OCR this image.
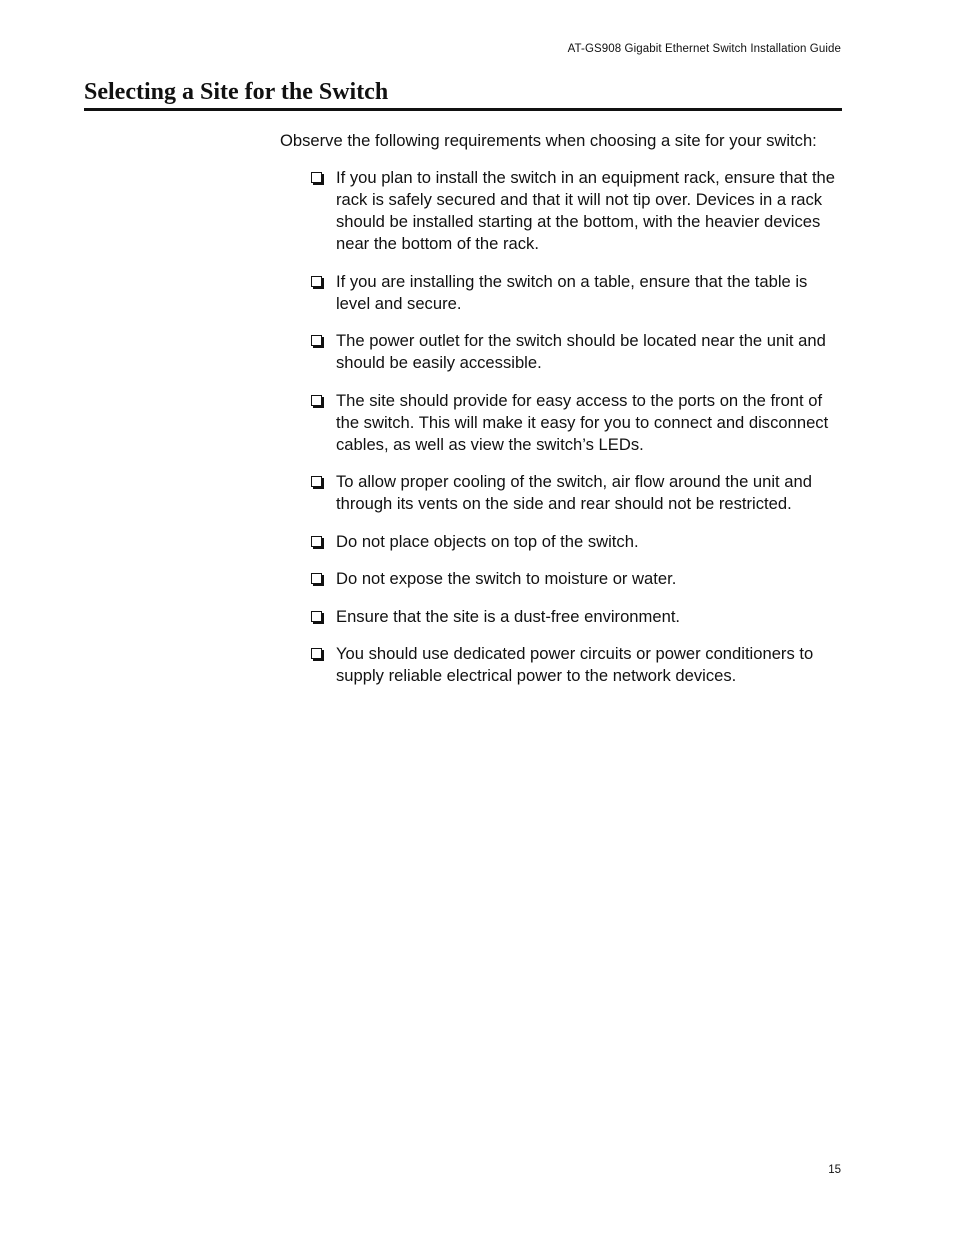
AT-GS908 Gigabit Ethernet Switch Installation Guide
Selecting a Site for the Switch

Observe the following requirements when choosing a site for your switch:

If you plan to install the switch in an equipment rack, ensure that the rack is safely secured and that it will not tip over. Devices in a rack should be installed starting at the bottom, with the heavier devices near the bottom of the rack.
If you are installing the switch on a table, ensure that the table is level and secure.
The power outlet for the switch should be located near the unit and should be easily accessible.
The site should provide for easy access to the ports on the front of the switch. This will make it easy for you to connect and disconnect cables, as well as view the switch’s LEDs.
To allow proper cooling of the switch, air flow around the unit and through its vents on the side and rear should not be restricted.
Do not place objects on top of the switch.
Do not expose the switch to moisture or water.
Ensure that the site is a dust-free environment.
You should use dedicated power circuits or power conditioners to supply reliable electrical power to the network devices.
15
